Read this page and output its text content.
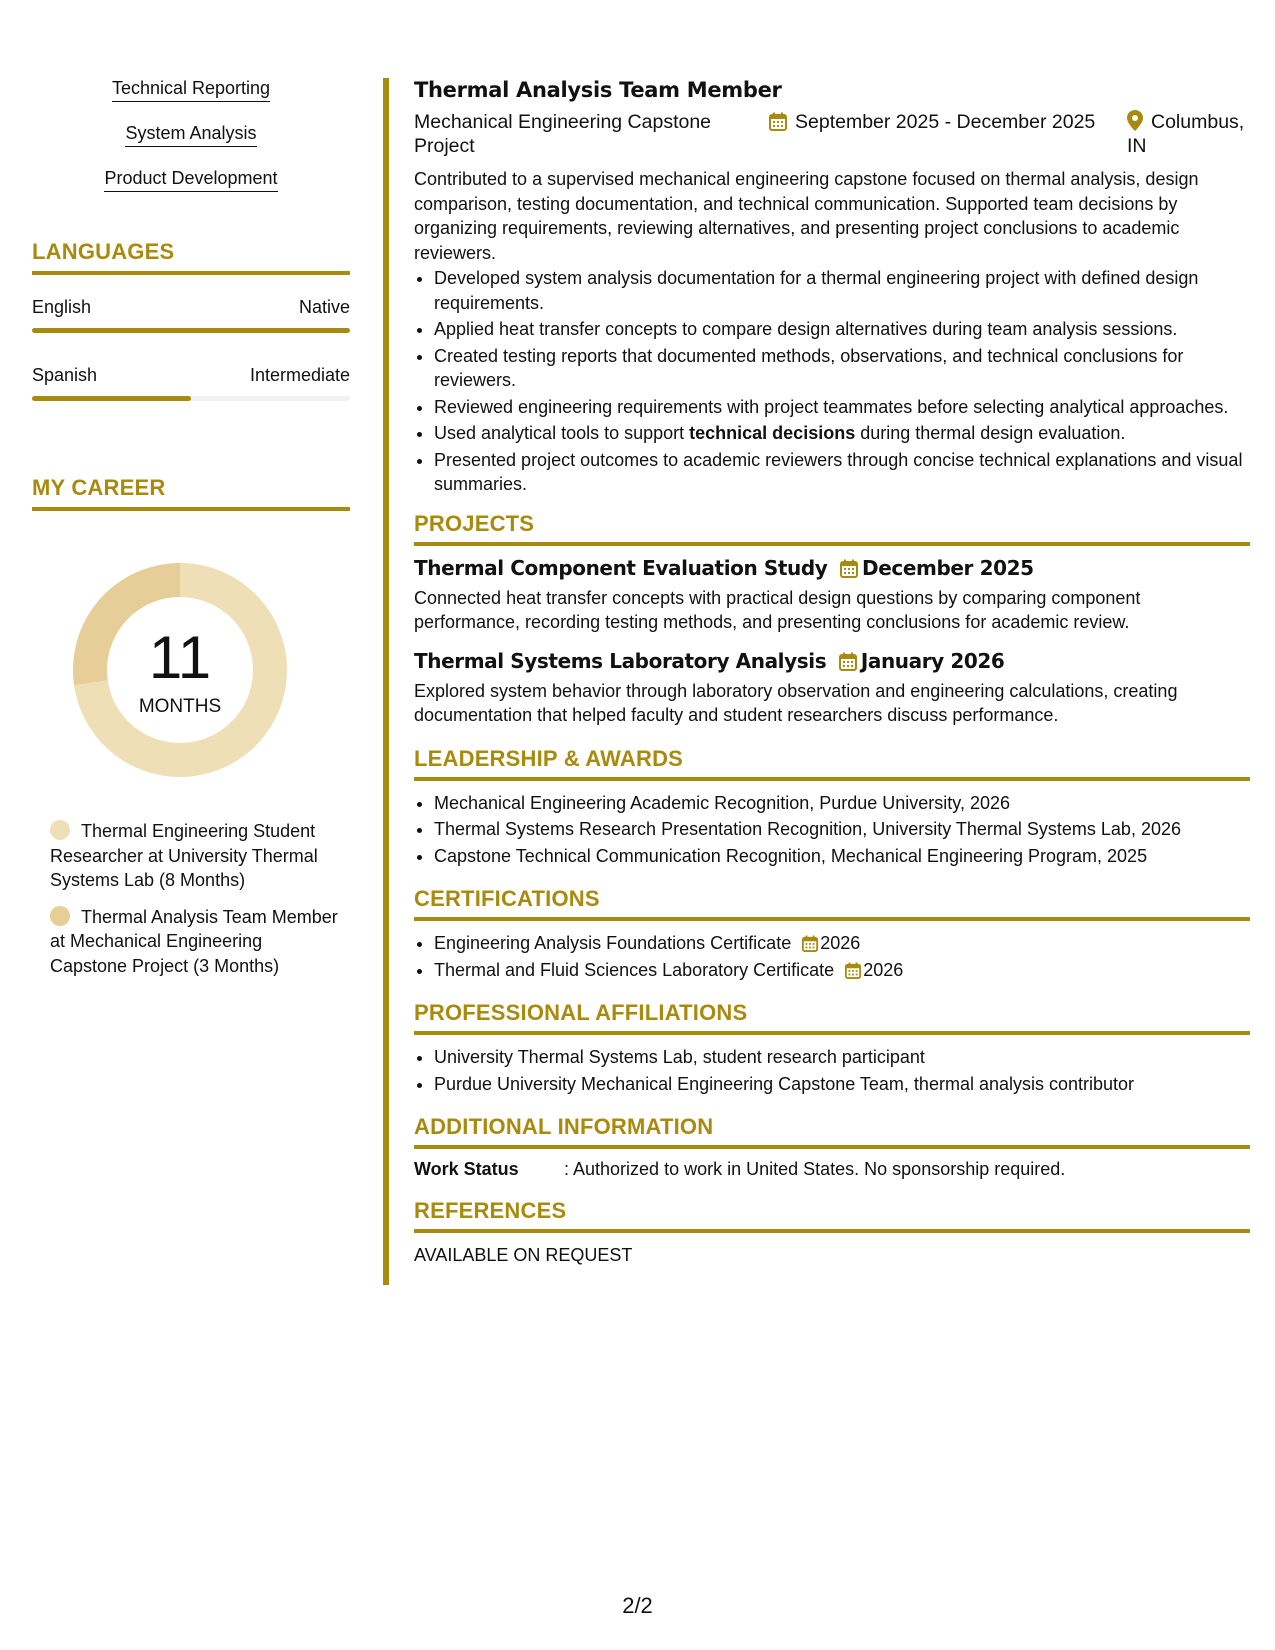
Technical Reporting
System Analysis
Product Development
LANGUAGES
English	Native
Spanish	Intermediate
MY CAREER
11
MONTHS
Thermal Engineering Student Researcher at University Thermal Systems Lab (8 Months)
Thermal Analysis Team Member at Mechanical Engineering Capstone Project (3 Months)
Thermal Analysis Team Member
Mechanical Engineering Capstone Project
September 2025 - December 2025	Columbus, IN
Contributed to a supervised mechanical engineering capstone focused on thermal analysis, design comparison, testing documentation, and technical communication. Supported team decisions by organizing requirements, reviewing alternatives, and presenting project conclusions to academic reviewers.
• Developed system analysis documentation for a thermal engineering project with defined design requirements.
• Applied heat transfer concepts to compare design alternatives during team analysis sessions.
• Created testing reports that documented methods, observations, and technical conclusions for reviewers.
• Reviewed engineering requirements with project teammates before selecting analytical approaches.
• Used analytical tools to support technical decisions during thermal design evaluation.
• Presented project outcomes to academic reviewers through concise technical explanations and visual summaries.
PROJECTS
Thermal Component Evaluation Study December 2025
Connected heat transfer concepts with practical design questions by comparing component performance, recording testing methods, and presenting conclusions for academic review.
Thermal Systems Laboratory Analysis January 2026
Explored system behavior through laboratory observation and engineering calculations, creating documentation that helped faculty and student researchers discuss performance.
LEADERSHIP & AWARDS
• Mechanical Engineering Academic Recognition, Purdue University, 2026
• Thermal Systems Research Presentation Recognition, University Thermal Systems Lab, 2026
• Capstone Technical Communication Recognition, Mechanical Engineering Program, 2025
CERTIFICATIONS
• Engineering Analysis Foundations Certificate 2026
• Thermal and Fluid Sciences Laboratory Certificate 2026
PROFESSIONAL AFFILIATIONS
• University Thermal Systems Lab, student research participant
• Purdue University Mechanical Engineering Capstone Team, thermal analysis contributor
ADDITIONAL INFORMATION
Work Status	: Authorized to work in United States. No sponsorship required.
REFERENCES
AVAILABLE ON REQUEST
2/2
